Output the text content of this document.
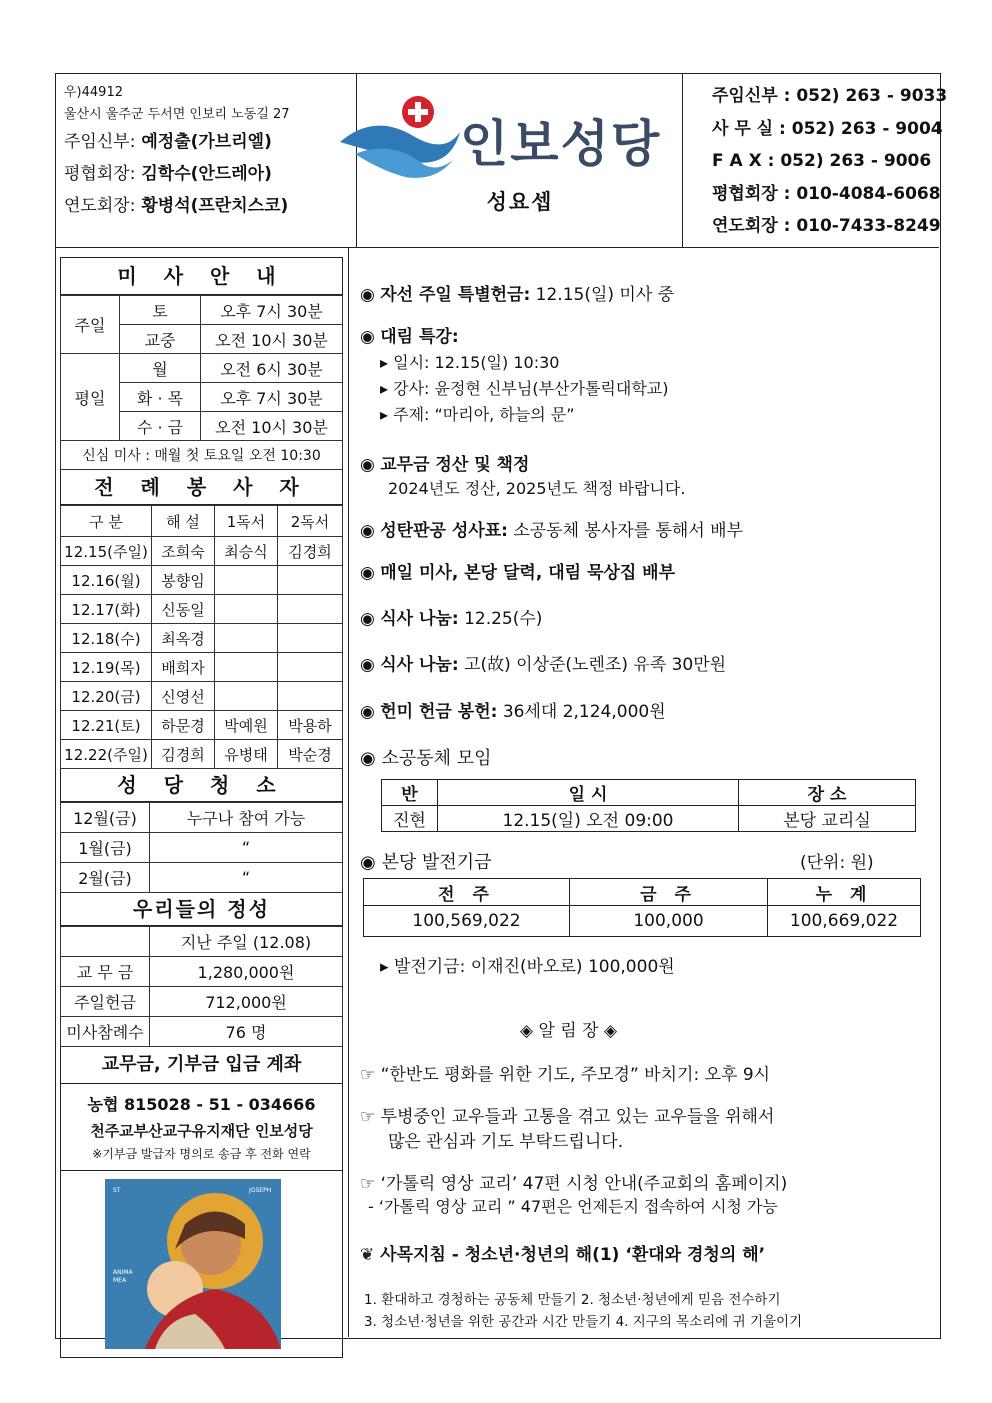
우)44912
울산시 울주군 두서면 인보리 노동길 27
주임신부: 예정출(가브리엘)
평협회장: 김학수(안드레아)
연도회장: 황병석(프란치스코)
인보성당
성요셉
주임신부 : 052) 263 - 9033
사 무 실 : 052) 263 - 9004
F A X : 052) 263 - 9006
평협회장 : 010-4084-6068
연도회장 : 010-7433-8249
미 사 안 내
주일	토	오후 7시 30분
	교중	오전 10시 30분
평일	월	오전 6시 30분
	화 · 목	오후 7시 30분
	수 · 금	오전 10시 30분
신심 미사 : 매월 첫 토요일 오전 10:30		
전 례 봉 사 자
구 분	해 설	1독서	2독서
12.15(주일)	조희숙	최승식	김경희
12.16(월)	봉향임		
12.17(화)	신동일		
12.18(수)	최옥경		
12.19(목)	배희자		
12.20(금)	신영선		
12.21(토)	하문경	박예원	박용하
12.22(주일)	김경희	유병태	박순경
성 당 청 소
12월(금)	누구나 참여 가능
1월(금)	“
2월(금)	“
우리들의 정성
	지난 주일 (12.08)
교 무 금	1,280,000원
주일헌금	712,000원
미사참례수	76 명
교무금, 기부금 입금 계좌
농협 815028 - 51 - 034666
천주교부산교구유지재단 인보성당
※기부금 발급자 명의로 송금 후 전화 연락
ST	JOSEPH
ANIMA MEA
◉ 자선 주일 특별헌금: 12.15(일) 미사 중
◉ 대림 특강:
▸ 일시: 12.15(일) 10:30
▸ 강사: 윤정현 신부님(부산가톨릭대학교)
▸ 주제: “마리아, 하늘의 문”
◉ 교무금 정산 및 책정
2024년도 정산, 2025년도 책정 바랍니다.
◉ 성탄판공 성사표: 소공동체 봉사자를 통해서 배부
◉ 매일 미사, 본당 달력, 대림 묵상집 배부
◉ 식사 나눔: 12.25(수)
◉ 식사 나눔: 고(故) 이상준(노렌조) 유족 30만원
◉ 헌미 헌금 봉헌: 36세대 2,124,000원
◉ 소공동체 모임
반	일 시	장 소
진현	12.15(일) 오전 09:00	본당 교리실
◉ 본당 발전기금	(단위: 원)
전 주	금 주	누 계
100,569,022	100,000	100,669,022
▸ 발전기금: 이재진(바오로) 100,000원
◈ 알 림 장 ◈
☞ “한반도 평화를 위한 기도, 주모경” 바치기: 오후 9시
☞ 투병중인 교우들과 고통을 겪고 있는 교우들을 위해서
많은 관심과 기도 부탁드립니다.
☞ ‘가톨릭 영상 교리’ 47편 시청 안내(주교회의 홈페이지)
- ‘가톨릭 영상 교리 ” 47편은 언제든지 접속하여 시청 가능
❦ 사목지침 - 청소년·청년의 해(1) ‘환대와 경청의 해’
1. 환대하고 경청하는 공동체 만들기 2. 청소년·청년에게 믿음 전수하기
3. 청소년·청년을 위한 공간과 시간 만들기 4. 지구의 목소리에 귀 기울이기
